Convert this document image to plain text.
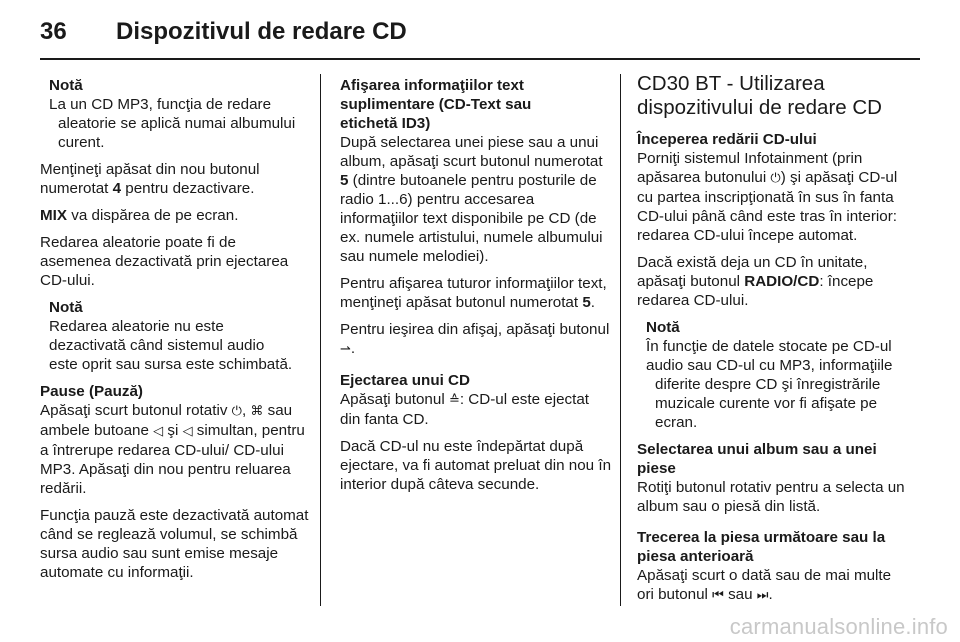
36	Dispozitivul de redare CD
Notă
La un CD MP3, funcţia de redare
aleatorie se aplică numai albumului
curent.

Menţineţi apăsat din nou butonul numerotat 4 pentru dezactivare.

MIX va dispărea de pe ecran.

Redarea aleatorie poate fi de asemenea dezactivată prin ejectarea CD-ului.

Notă
Redarea aleatorie nu este
dezactivată când sistemul audio
este oprit sau sursa este schimbată.
Pause (Pauză)

Apăsaţi scurt butonul rotativ ⏻, ⌘ sau ambele butoane ◁ şi ◁ simultan, pentru a întrerupe redarea CD-ului/ CD-ului MP3. Apăsaţi din nou pentru reluarea redării.

Funcţia pauză este dezactivată automat când se reglează volumul, se schimbă sursa audio sau sunt emise mesaje automate cu informaţii.

Afişarea informaţiilor text
suplimentare (CD-Text sau
etichetă ID3)

După selectarea unei piese sau a unui album, apăsaţi scurt butonul numerotat 5 (dintre butoanele pentru posturile de radio 1...6) pentru accesarea informaţiilor text disponibile pe CD (de ex. numele artistului, numele albumului sau numele melodiei).

Pentru afişarea tuturor informaţiilor text, menţineţi apăsat butonul numerotat 5.

Pentru ieşirea din afişaj, apăsaţi butonul ⇀.

Ejectarea unui CD

Apăsaţi butonul ≙: CD-ul este ejectat din fanta CD.

Dacă CD-ul nu este îndepărtat după ejectare, va fi automat preluat din nou în interior după câteva secunde.

CD30 BT - Utilizarea
dispozitivului de redare CD
Începerea redării CD-ului

Porniţi sistemul Infotainment (prin apăsarea butonului ⏻) şi apăsaţi CD-ul cu partea inscripţionată în sus în fanta CD-ului până când este tras în interior: redarea CD-ului începe automat.

Dacă există deja un CD în unitate, apăsaţi butonul RADIO/CD: începe redarea CD-ului.

Notă
În funcţie de datele stocate pe CD-ul
audio sau CD-ul cu MP3, informaţiile
diferite despre CD şi înregistrările
muzicale curente vor fi afişate pe
ecran.
Selectarea unui album sau a unei
piese

Rotiţi butonul rotativ pentru a selecta un album sau o piesă din listă.

Trecerea la piesa următoare sau la
piesa anterioară

Apăsaţi scurt o dată sau de mai multe ori butonul ⏮ sau ⏭.

carmanualsonline.info
